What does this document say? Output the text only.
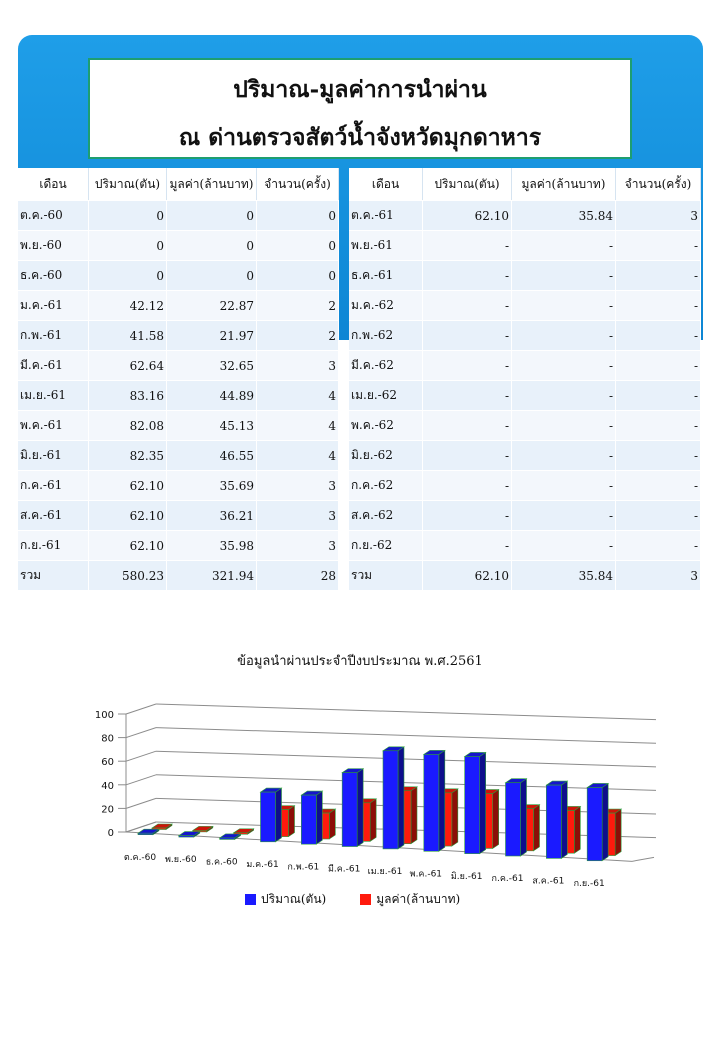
ปริมาณ-มูลค่าการนำผ่าน
ณ ด่านตรวจสัตว์น้ำจังหวัดมุกดาหาร
เดือน	ปริมาณ(ตัน)	มูลค่า(ล้านบาท)	จำนวน(ครั้ง)
ต.ค.-60	0	0	0
พ.ย.-60	0	0	0
ธ.ค.-60	0	0	0
ม.ค.-61	42.12	22.87	2
ก.พ.-61	41.58	21.97	2
มี.ค.-61	62.64	32.65	3
เม.ย.-61	83.16	44.89	4
พ.ค.-61	82.08	45.13	4
มิ.ย.-61	82.35	46.55	4
ก.ค.-61	62.10	35.69	3
ส.ค.-61	62.10	36.21	3
ก.ย.-61	62.10	35.98	3
รวม	580.23	321.94	28
เดือน	ปริมาณ(ตัน)	มูลค่า(ล้านบาท)	จำนวน(ครั้ง)
ต.ค.-61	62.10	35.84	3
พ.ย.-61	-	-	-
ธ.ค.-61	-	-	-
ม.ค.-62	-	-	-
ก.พ.-62	-	-	-
มี.ค.-62	-	-	-
เม.ย.-62	-	-	-
พ.ค.-62	-	-	-
มิ.ย.-62	-	-	-
ก.ค.-62	-	-	-
ส.ค.-62	-	-	-
ก.ย.-62	-	-	-
รวม	62.10	35.84	3
ข้อมูลนำผ่านประจำปีงบประมาณ พ.ศ.2561
0
20
40
60
80
100
ต.ค.-60 พ.ย.-60 ธ.ค.-60 ม.ค.-61 ก.พ.-61 มี.ค.-61 เม.ย.-61 พ.ค.-61 มิ.ย.-61 ก.ค.-61 ส.ค.-61 ก.ย.-61
ปริมาณ(ตัน)	มูลค่า(ล้านบาท)
